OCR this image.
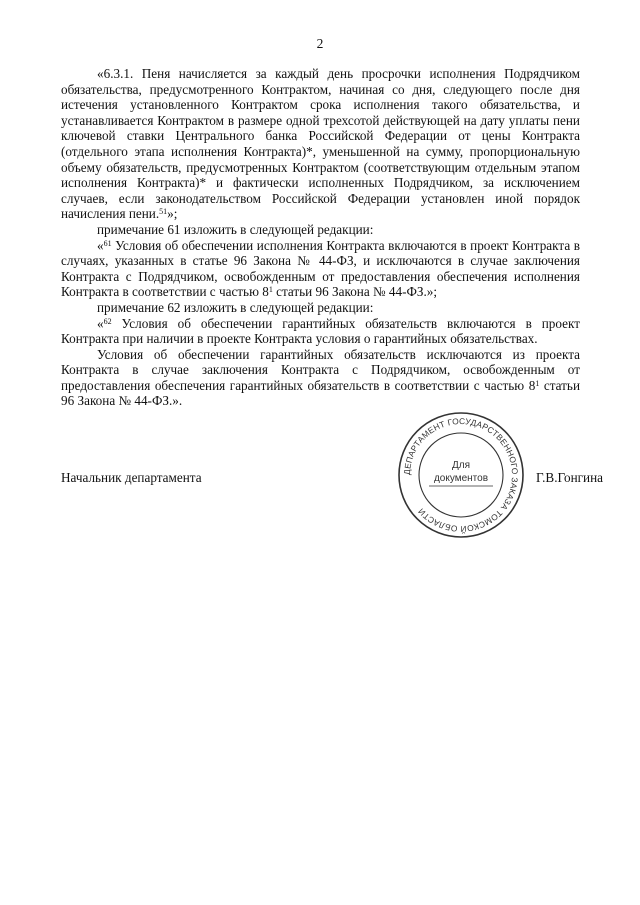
2

«6.3.1. Пеня начисляется за каждый день просрочки исполнения Подрядчиком обязательства, предусмотренного Контрактом, начиная со дня, следующего после дня истечения установленного Контрактом срока исполнения такого обязательства, и устанавливается Контрактом в размере одной трехсотой действующей на дату уплаты пени ключевой ставки Центрального банка Российской Федерации от цены Контракта (отдельного этапа исполнения Контракта)*, уменьшенной на сумму, пропорциональную объему обязательств, предусмотренных Контрактом (соответствующим отдельным этапом исполнения Контракта)* и фактически исполненных Подрядчиком, за исключением случаев, если законодательством Российской Федерации установлен иной порядок начисления пени.$^{51}$»;

примечание 61 изложить в следующей редакции:

«$^{61}$ Условия об обеспечении исполнения Контракта включаются в проект Контракта в случаях, указанных в статье 96 Закона № 44-ФЗ, и исключаются в случае заключения Контракта с Подрядчиком, освобожденным от предоставления обеспечения исполнения Контракта в соответствии с частью $8^1$ статьи 96 Закона № 44-ФЗ.»;

примечание 62 изложить в следующей редакции:

«$^{62}$ Условия об обеспечении гарантийных обязательств включаются в проект Контракта при наличии в проекте Контракта условия о гарантийных обязательствах.

Условия об обеспечении гарантийных обязательств исключаются из проекта Контракта в случае заключения Контракта с Подрядчиком, освобожденным от предоставления обеспечения гарантийных обязательств в соответствии с частью $8^1$ статьи 96 Закона № 44-ФЗ.».

Начальник департамента	Г.В.Гонгина
ДЕПАРТАМЕНТ ГОСУДАРСТВЕННОГО ЗАКАЗА ТОМСКОЙ ОБЛАСТИ
Для
документов
